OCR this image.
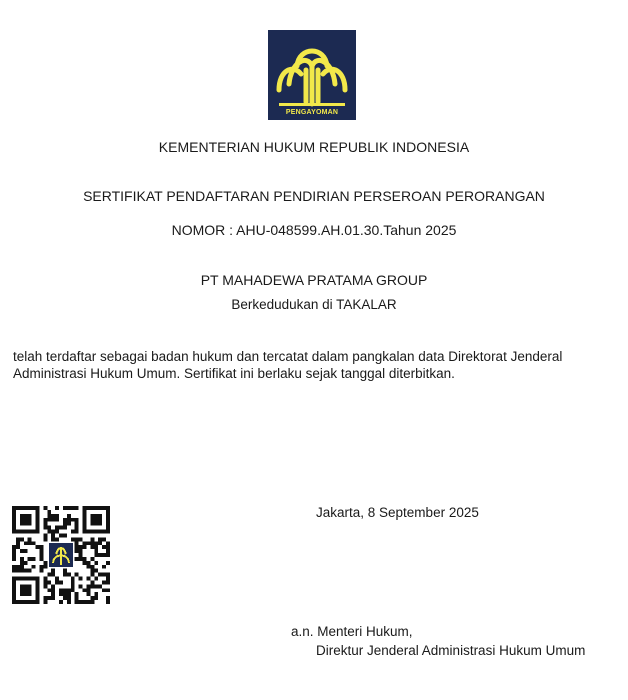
PENGAYOMAN
KEMENTERIAN HUKUM REPUBLIK INDONESIA
SERTIFIKAT PENDAFTARAN PENDIRIAN PERSEROAN PERORANGAN
NOMOR : AHU-048599.AH.01.30.Tahun 2025
PT MAHADEWA PRATAMA GROUP
Berkedudukan di TAKALAR
telah terdaftar sebagai badan hukum dan tercatat dalam pangkalan data Direktorat Jenderal Administrasi Hukum Umum. Sertifikat ini berlaku sejak tanggal diterbitkan.
Jakarta, 8 September 2025
a.n. Menteri Hukum,
Direktur Jenderal Administrasi Hukum Umum
